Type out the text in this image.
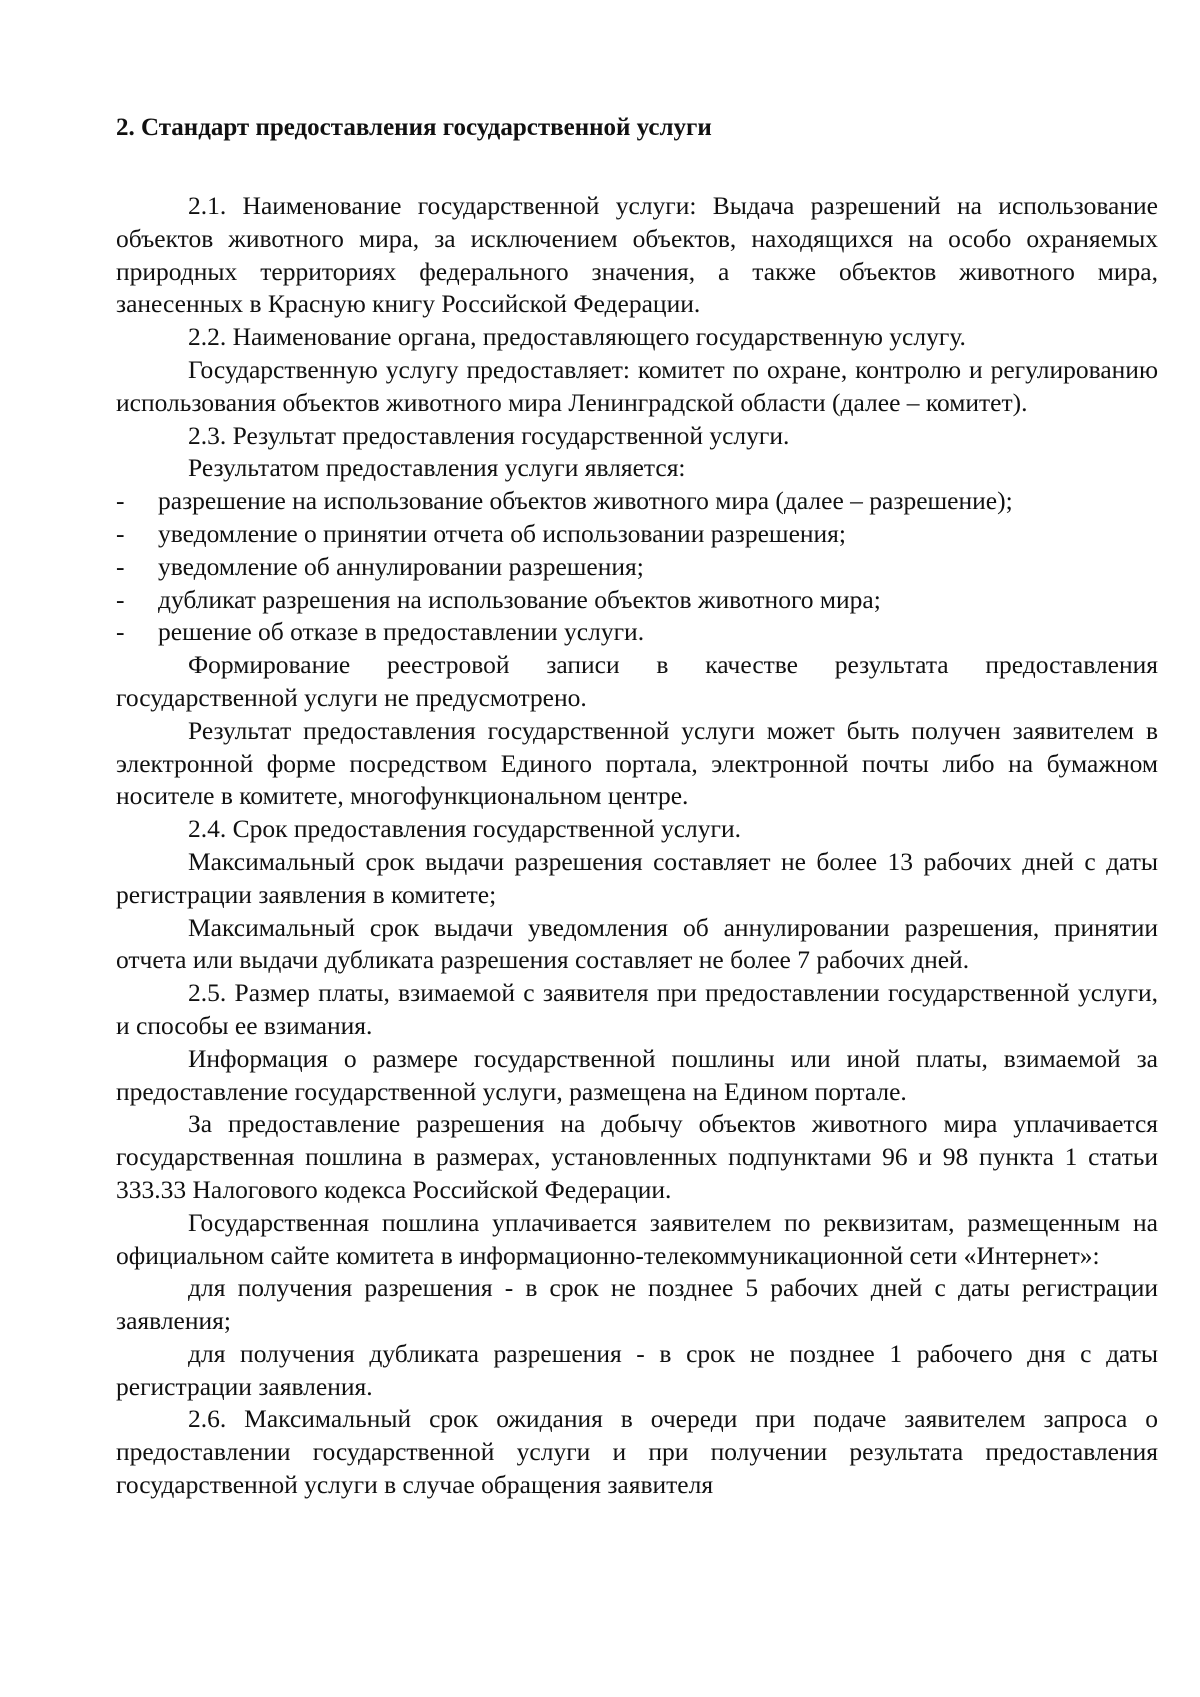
2. Стандарт предоставления государственной услуги

2.1. Наименование государственной услуги: Выдача разрешений на использование объектов животного мира, за исключением объектов, находящихся на особо охраняемых природных территориях федерального значения, а также объектов животного мира, занесенных в Красную книгу Российской Федерации.

2.2. Наименование органа, предоставляющего государственную услугу.

Государственную услугу предоставляет: комитет по охране, контролю и регулированию использования объектов животного мира Ленинградской области (далее – комитет).

2.3. Результат предоставления государственной услуги.

Результатом предоставления услуги является:

- разрешение на использование объектов животного мира (далее – разрешение);
- уведомление о принятии отчета об использовании разрешения;
- уведомление об аннулировании разрешения;
- дубликат разрешения на использование объектов животного мира;
- решение об отказе в предоставлении услуги.

Формирование реестровой записи в качестве результата предоставления государственной услуги не предусмотрено.

Результат предоставления государственной услуги может быть получен заявителем в электронной форме посредством Единого портала, электронной почты либо на бумажном носителе в комитете, многофункциональном центре.

2.4. Срок предоставления государственной услуги.

Максимальный срок выдачи разрешения составляет не более 13 рабочих дней с даты регистрации заявления в комитете;

Максимальный срок выдачи уведомления об аннулировании разрешения, принятии отчета или выдачи дубликата разрешения составляет не более 7 рабочих дней.

2.5. Размер платы, взимаемой с заявителя при предоставлении государственной услуги, и способы ее взимания.

Информация о размере государственной пошлины или иной платы, взимаемой за предоставление государственной услуги, размещена на Едином портале.

За предоставление разрешения на добычу объектов животного мира уплачивается государственная пошлина в размерах, установленных подпунктами 96 и 98 пункта 1 статьи 333.33 Налогового кодекса Российской Федерации.

Государственная пошлина уплачивается заявителем по реквизитам, размещенным на официальном сайте комитета в информационно-телекоммуникационной сети «Интернет»:

для получения разрешения - в срок не позднее 5 рабочих дней с даты регистрации заявления;

для получения дубликата разрешения - в срок не позднее 1 рабочего дня с даты регистрации заявления.

2.6. Максимальный срок ожидания в очереди при подаче заявителем запроса о предоставлении государственной услуги и при получении результата предоставления государственной услуги в случае обращения заявителя
